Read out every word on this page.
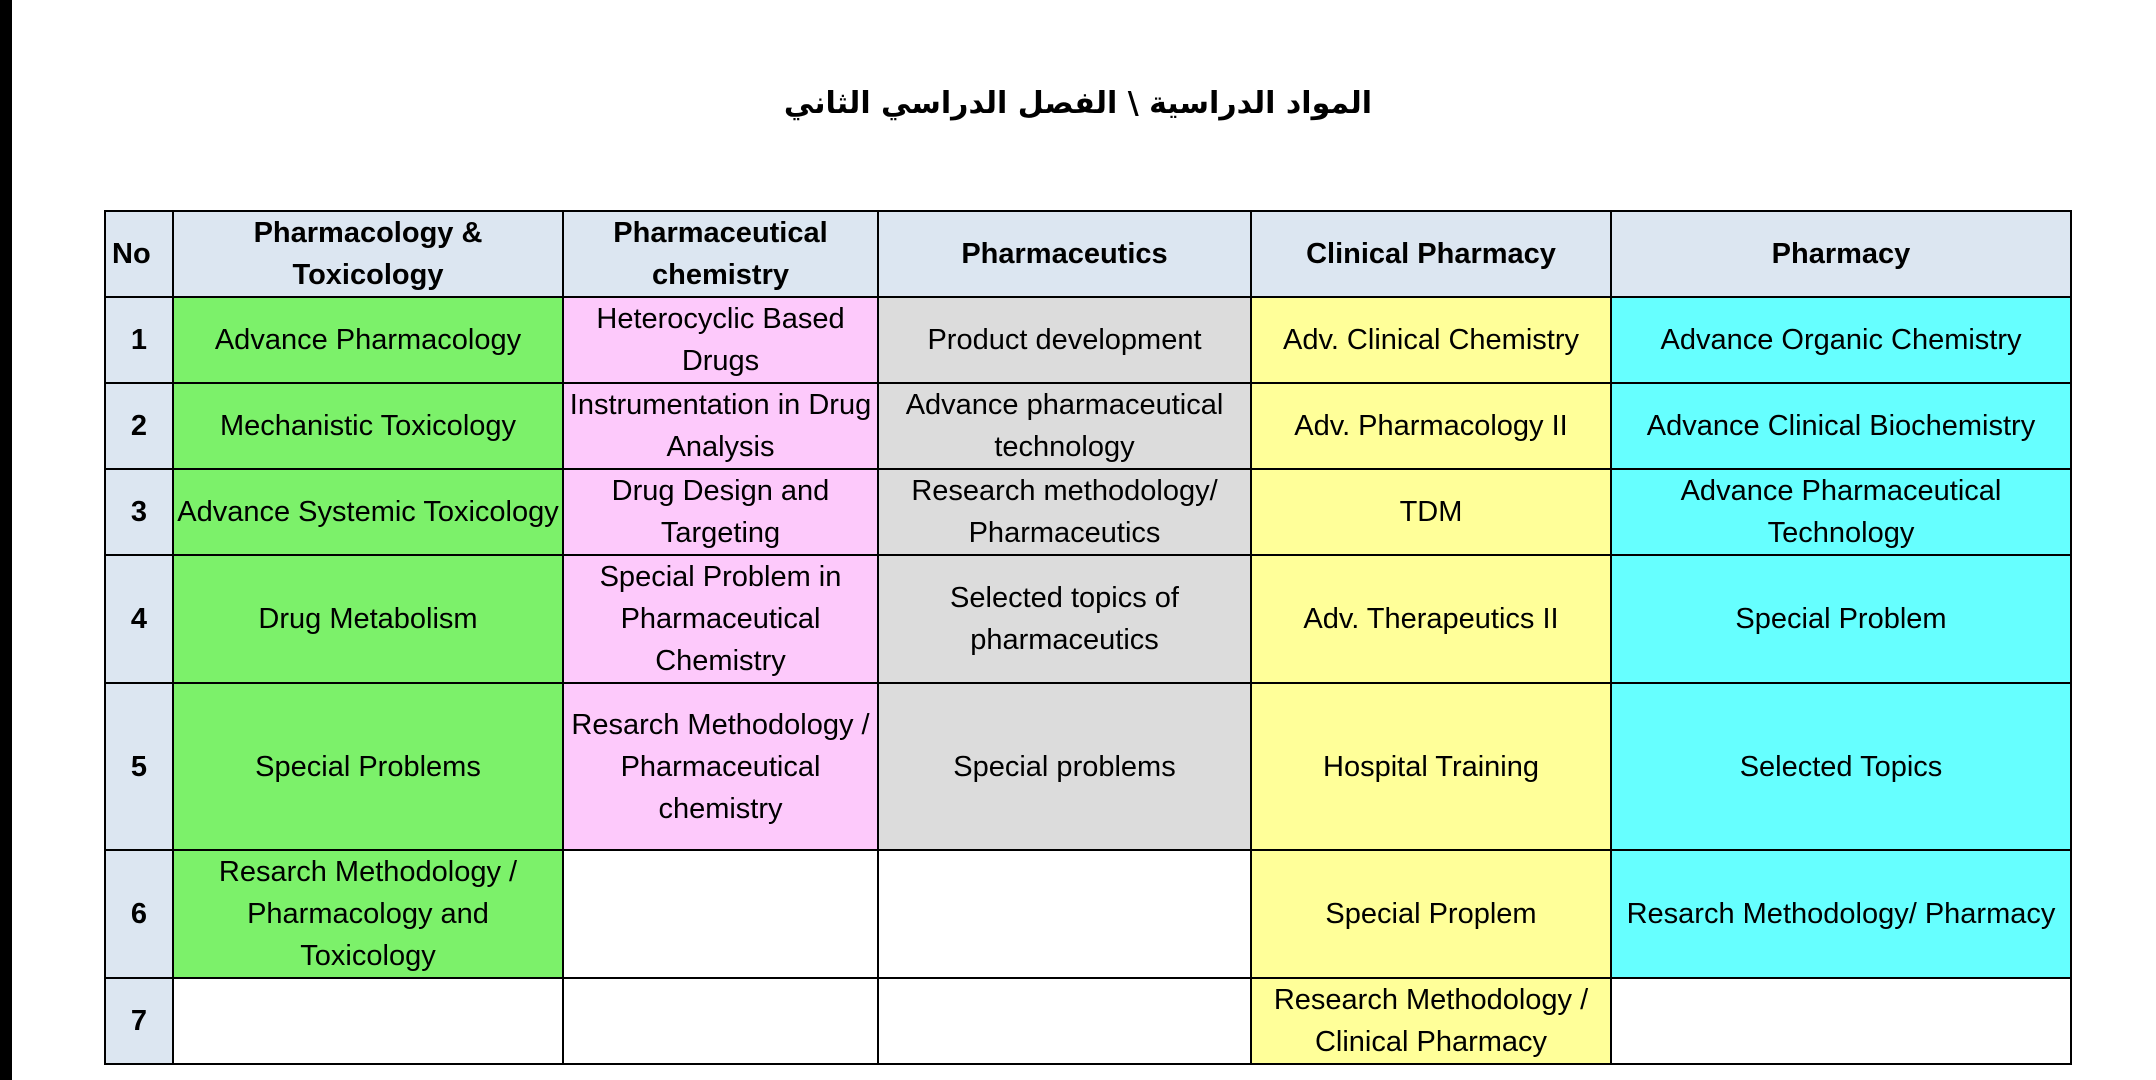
المواد الدراسية \ الفصل الدراسي الثاني
No	Pharmacology & Toxicology	Pharmaceutical chemistry	Pharmaceutics	Clinical Pharmacy	Pharmacy
1	Advance Pharmacology	Heterocyclic Based Drugs	Product development	Adv. Clinical Chemistry	Advance Organic Chemistry
2	Mechanistic Toxicology	Instrumentation in Drug Analysis	Advance pharmaceutical technology	Adv. Pharmacology II	Advance Clinical Biochemistry
3	Advance Systemic Toxicology	Drug Design and Targeting	Research methodology/ Pharmaceutics	TDM	Advance Pharmaceutical Technology
4	Drug Metabolism	Special Problem in Pharmaceutical Chemistry	Selected topics of pharmaceutics	Adv. Therapeutics II	Special Problem
5	Special Problems	Resarch Methodology / Pharmaceutical chemistry	Special problems	Hospital Training	Selected Topics
6	Resarch Methodology / Pharmacology and Toxicology			Special Proplem	Resarch Methodology/ Pharmacy
7				Research Methodology / Clinical Pharmacy	
